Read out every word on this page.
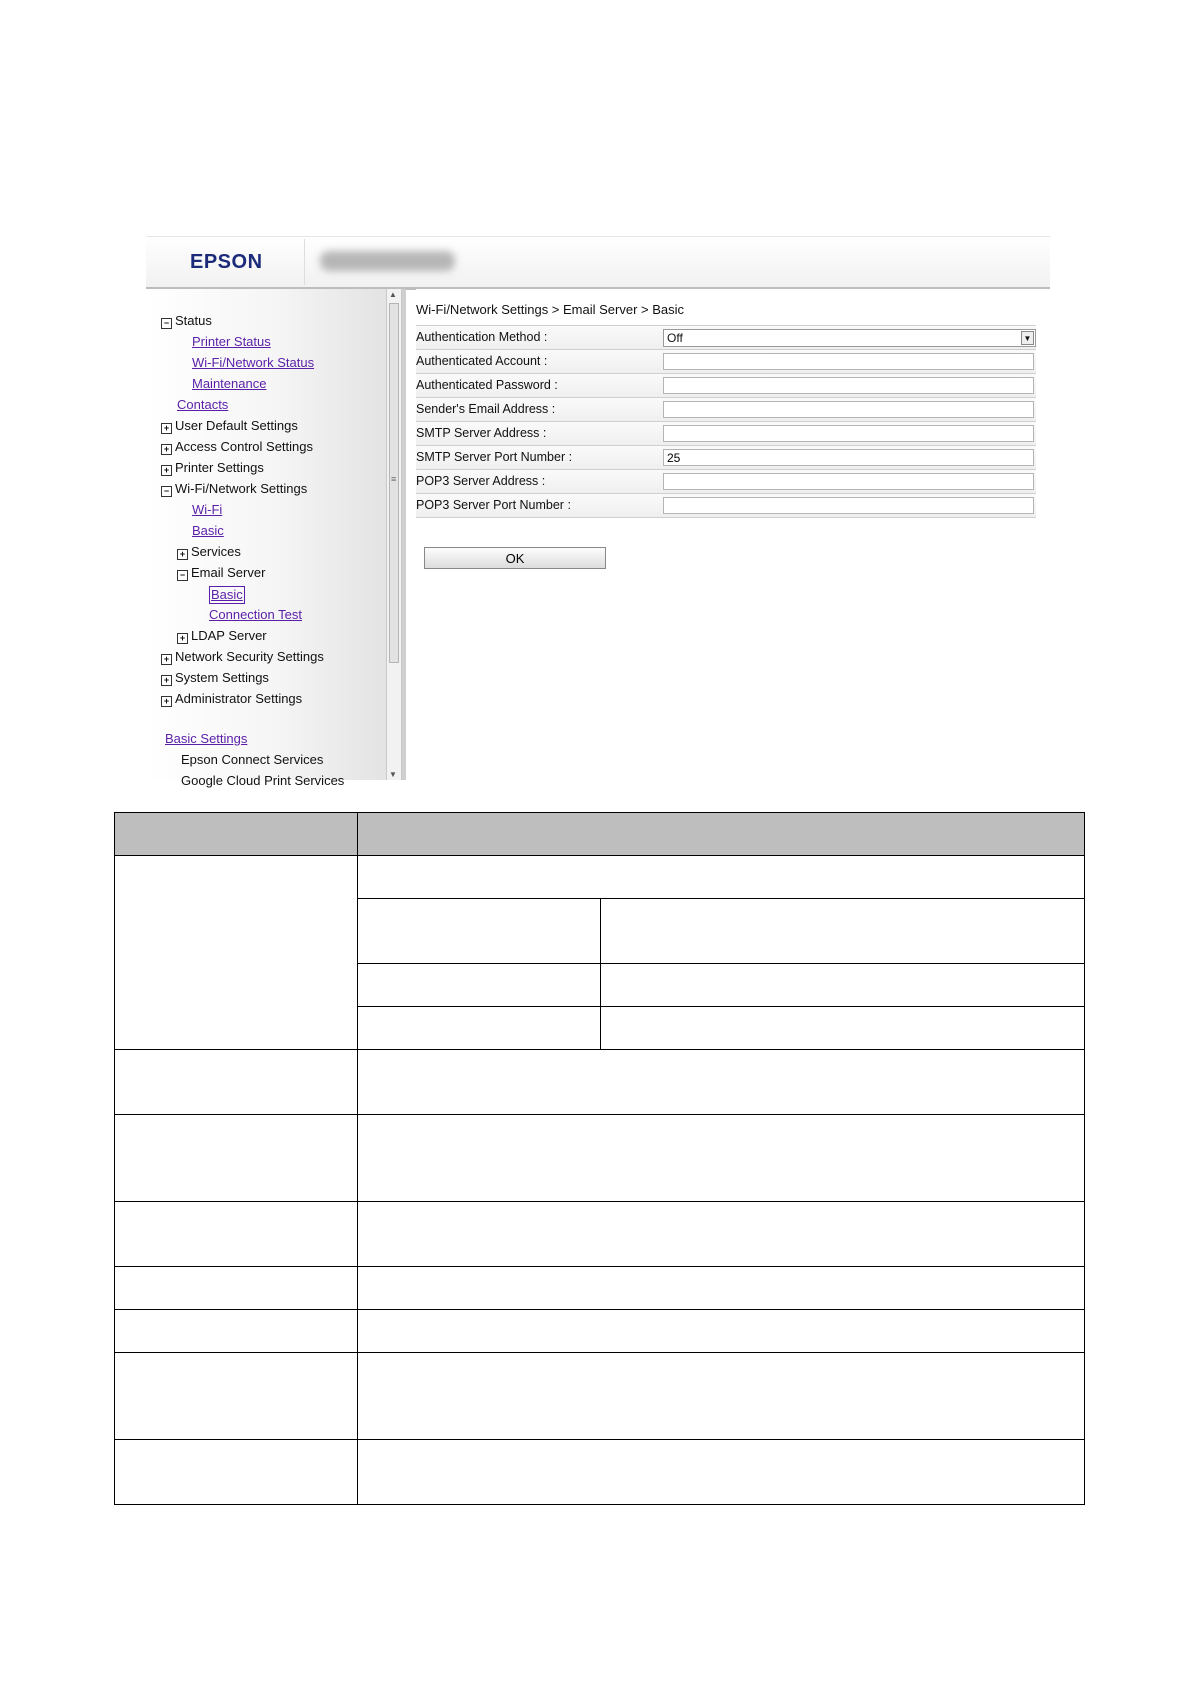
EPSON
− Status
Printer Status
Wi-Fi/Network Status
Maintenance
Contacts
+ User Default Settings
+ Access Control Settings
+ Printer Settings
− Wi-Fi/Network Settings
Wi-Fi
Basic
+ Services
− Email Server
Basic
Connection Test
+ LDAP Server
+ Network Security Settings
+ System Settings
+ Administrator Settings
Basic Settings
Epson Connect Services
Google Cloud Print Services
▲
≡
▼
Wi-Fi/Network Settings > Email Server > Basic
Authentication Method :	Off	▼
Authenticated Account :
Authenticated Password :
Sender's Email Address :
SMTP Server Address :
SMTP Server Port Number :
25
POP3 Server Address :
POP3 Server Port Number :
OK
